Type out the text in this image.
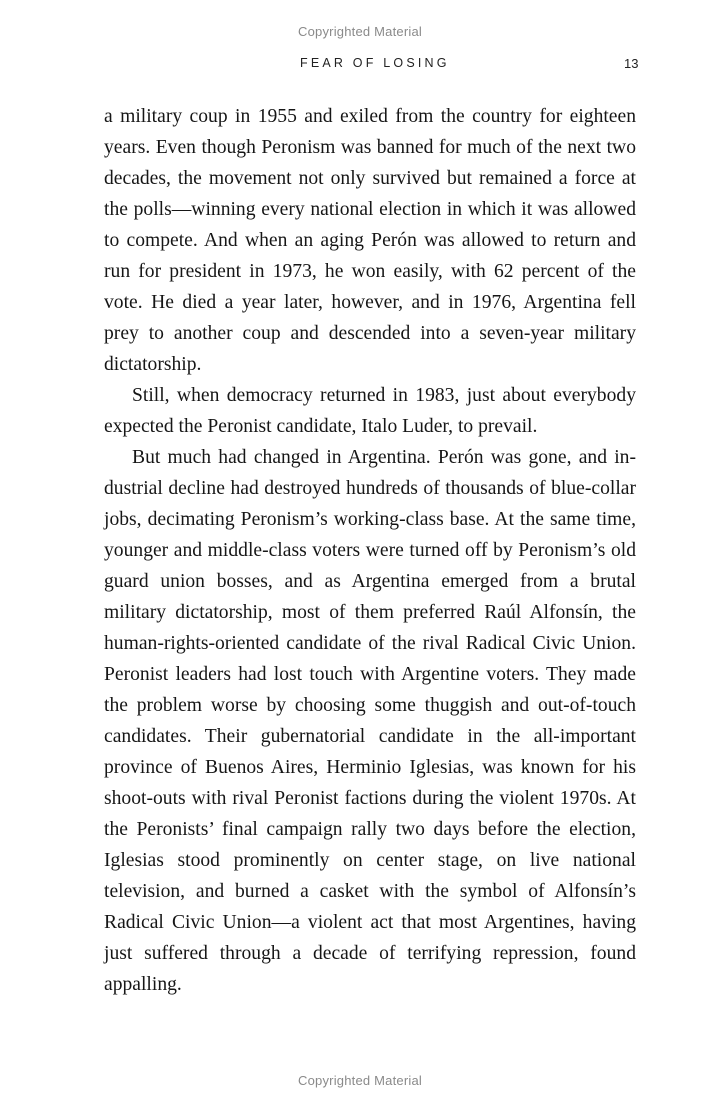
Copyrighted Material
FEAR OF LOSING	13

a military coup in 1955 and exiled from the country for eighteen years. Even though Peronism was banned for much of the next two decades, the movement not only survived but remained a force at the polls—winning every national election in which it was allowed to compete. And when an aging Perón was allowed to return and run for president in 1973, he won easily, with 62 percent of the vote. He died a year later, however, and in 1976, Argentina fell prey to another coup and descended into a seven-year military dictatorship.

Still, when democracy returned in 1983, just about everybody expected the Peronist candidate, Italo Luder, to prevail.

But much had changed in Argentina. Perón was gone, and industrial decline had destroyed hundreds of thousands of blue-collar jobs, decimating Peronism’s working-class base. At the same time, younger and middle-class voters were turned off by Peronism’s old guard union bosses, and as Argentina emerged from a brutal military dictatorship, most of them preferred Raúl Alfonsín, the human-rights-oriented candidate of the rival Radical Civic Union. Peronist leaders had lost touch with Argentine voters. They made the problem worse by choosing some thuggish and out-of-touch candidates. Their gubernatorial candidate in the all-important province of Buenos Aires, Herminio Iglesias, was known for his shoot-outs with rival Peronist factions during the violent 1970s. At the Peronists’ final campaign rally two days before the election, Iglesias stood prominently on center stage, on live national television, and burned a casket with the symbol of Alfonsín’s Radical Civic Union—a violent act that most Argentines, having just suffered through a decade of terrifying repression, found appalling.

Copyrighted Material
